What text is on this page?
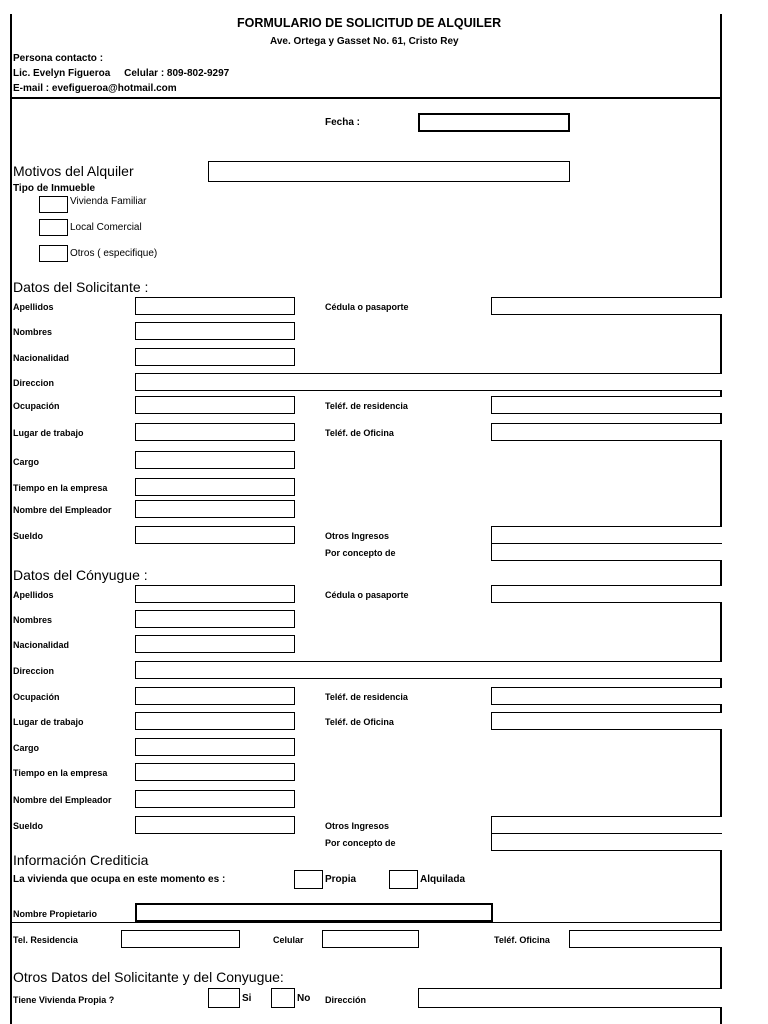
FORMULARIO DE SOLICITUD DE ALQUILER
Ave. Ortega y Gasset No. 61, Cristo Rey
Persona contacto :
Lic. Evelyn Figueroa     Celular : 809-802-9297
E-mail : evefigueroa@hotmail.com
Fecha :
Motivos del Alquiler
Tipo de Inmueble
Vivienda Familiar
Local Comercial
Otros ( especifique)
Datos del Solicitante :
Apellidos	Cédula o pasaporte
Nombres
Nacionalidad
Direccion
Ocupación	Teléf. de residencia
Lugar de trabajo	Teléf. de Oficina
Cargo
Tiempo en la empresa
Nombre del Empleador
Sueldo	Otros Ingresos
Por concepto de
Datos del Cónyugue :
Apellidos	Cédula o pasaporte
Nombres
Nacionalidad
Direccion
Ocupación	Teléf. de residencia
Lugar de trabajo	Teléf. de Oficina
Cargo
Tiempo en la empresa
Nombre del Empleador
Sueldo	Otros Ingresos
Por concepto de
Información Crediticia
La vivienda que ocupa en este momento es :	Propia	Alquilada
Nombre Propietario
Tel. Residencia	Celular	Teléf. Oficina
Otros Datos del Solicitante y del Conyugue:
Tiene Vivienda Propia ?	Si	No Dirección
